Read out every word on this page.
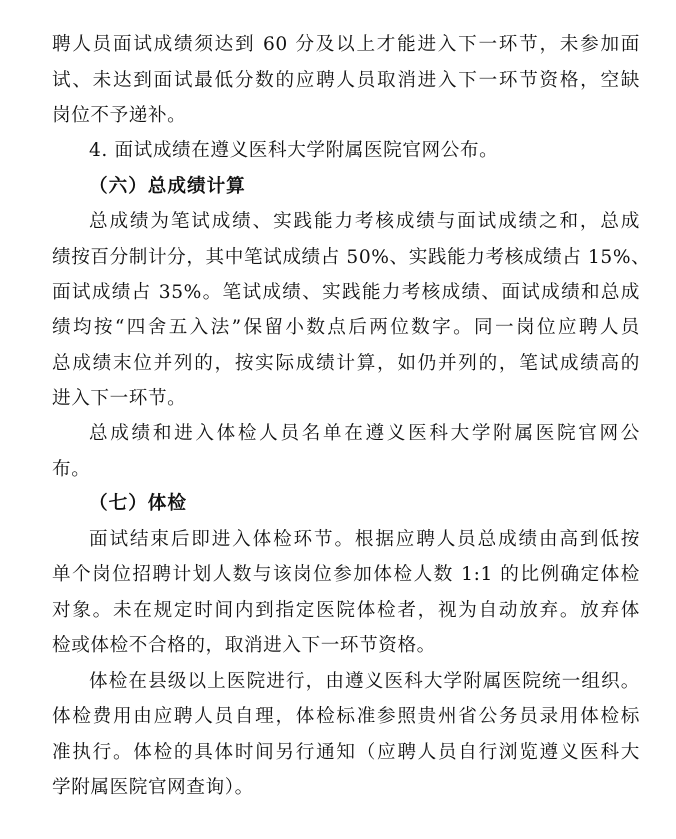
聘人员面试成绩须达到 60 分及以上才能进入下一环节，未参加面
试、未达到面试最低分数的应聘人员取消进入下一环节资格，空缺
岗位不予递补。
4. 面试成绩在遵义医科大学附属医院官网公布。
（六）总成绩计算
总成绩为笔试成绩、实践能力考核成绩与面试成绩之和，总成
绩按百分制计分，其中笔试成绩占 50%、实践能力考核成绩占 15%、
面试成绩占 35%。笔试成绩、实践能力考核成绩、面试成绩和总成
绩均按“四舍五入法”保留小数点后两位数字。同一岗位应聘人员
总成绩末位并列的，按实际成绩计算，如仍并列的，笔试成绩高的
进入下一环节。
总成绩和进入体检人员名单在遵义医科大学附属医院官网公
布。
（七）体检
面试结束后即进入体检环节。根据应聘人员总成绩由高到低按
单个岗位招聘计划人数与该岗位参加体检人数 1:1 的比例确定体检
对象。未在规定时间内到指定医院体检者，视为自动放弃。放弃体
检或体检不合格的，取消进入下一环节资格。
体检在县级以上医院进行，由遵义医科大学附属医院统一组织。
体检费用由应聘人员自理，体检标准参照贵州省公务员录用体检标
准执行。体检的具体时间另行通知（应聘人员自行浏览遵义医科大
学附属医院官网查询）。
